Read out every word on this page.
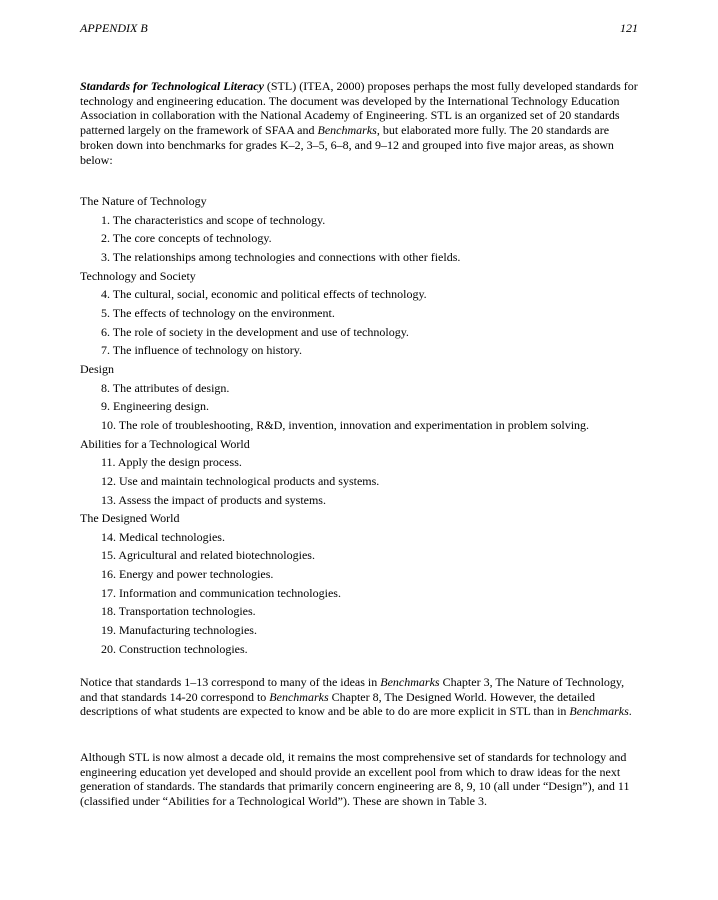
APPENDIX B	121

Standards for Technological Literacy (STL) (ITEA, 2000) proposes perhaps the most fully developed standards for technology and engineering education. The document was developed by the International Technology Education Association in collaboration with the National Academy of Engineering. STL is an organized set of 20 standards patterned largely on the framework of SFAA and Benchmarks, but elaborated more fully. The 20 standards are broken down into benchmarks for grades K–2, 3–5, 6–8, and 9–12 and grouped into five major areas, as shown below:

The Nature of Technology
1. The characteristics and scope of technology.
2. The core concepts of technology.
3. The relationships among technologies and connections with other fields.
Technology and Society
4. The cultural, social, economic and political effects of technology.
5. The effects of technology on the environment.
6. The role of society in the development and use of technology.
7. The influence of technology on history.
Design
8. The attributes of design.
9. Engineering design.
10. The role of troubleshooting, R&D, invention, innovation and experimentation in problem solving.
Abilities for a Technological World
11. Apply the design process.
12. Use and maintain technological products and systems.
13. Assess the impact of products and systems.
The Designed World
14. Medical technologies.
15. Agricultural and related biotechnologies.
16. Energy and power technologies.
17. Information and communication technologies.
18. Transportation technologies.
19. Manufacturing technologies.
20. Construction technologies.

Notice that standards 1–13 correspond to many of the ideas in Benchmarks Chapter 3, The Nature of Technology, and that standards 14-20 correspond to Benchmarks Chapter 8, The Designed World. However, the detailed descriptions of what students are expected to know and be able to do are more explicit in STL than in Benchmarks.

Although STL is now almost a decade old, it remains the most comprehensive set of standards for technology and engineering education yet developed and should provide an excellent pool from which to draw ideas for the next generation of standards. The standards that primarily concern engineering are 8, 9, 10 (all under “Design”), and 11 (classified under “Abilities for a Technological World”). These are shown in Table 3.
